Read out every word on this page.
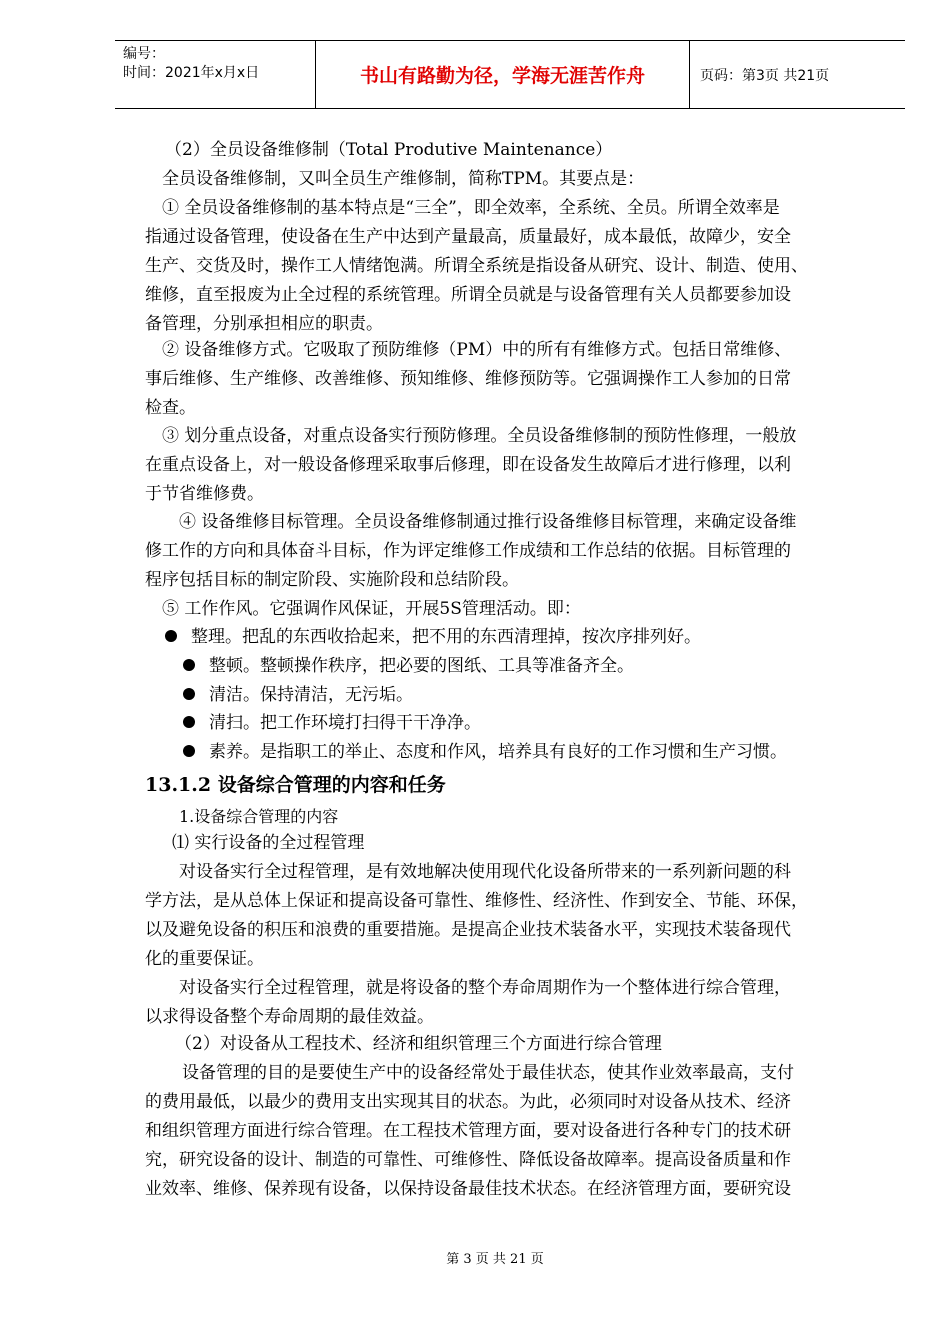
编号：
时间：2021年x月x日	书山有路勤为径，学海无涯苦作舟	页码：第3页 共21页
（2）全员设备维修制（Total Produtive Maintenance）
全员设备维修制，又叫全员生产维修制，简称TPM。其要点是：
① 全员设备维修制的基本特点是“三全”，即全效率，全系统、全员。所谓全效率是
指通过设备管理，使设备在生产中达到产量最高，质量最好，成本最低，故障少，安全
生产、交货及时，操作工人情绪饱满。所谓全系统是指设备从研究、设计、制造、使用、
维修，直至报废为止全过程的系统管理。所谓全员就是与设备管理有关人员都要参加设
备管理，分别承担相应的职责。
② 设备维修方式。它吸取了预防维修（PM）中的所有有维修方式。包括日常维修、
事后维修、生产维修、改善维修、预知维修、维修预防等。它强调操作工人参加的日常
检查。
③ 划分重点设备，对重点设备实行预防修理。全员设备维修制的预防性修理，一般放
在重点设备上，对一般设备修理采取事后修理，即在设备发生故障后才进行修理，以利
于节省维修费。
④ 设备维修目标管理。全员设备维修制通过推行设备维修目标管理，来确定设备维
修工作的方向和具体奋斗目标，作为评定维修工作成绩和工作总结的依据。目标管理的
程序包括目标的制定阶段、实施阶段和总结阶段。
⑤ 工作作风。它强调作风保证，开展5S管理活动。即：
整理。把乱的东西收拾起来，把不用的东西清理掉，按次序排列好。
整顿。整顿操作秩序，把必要的图纸、工具等准备齐全。
清洁。保持清洁，无污垢。
清扫。把工作环境打扫得干干净净。
素养。是指职工的举止、态度和作风，培养具有良好的工作习惯和生产习惯。
13.1.2 设备综合管理的内容和任务
1.设备综合管理的内容
⑴ 实行设备的全过程管理
对设备实行全过程管理，是有效地解决使用现代化设备所带来的一系列新问题的科
学方法，是从总体上保证和提高设备可靠性、维修性、经济性、作到安全、节能、环保，
以及避免设备的积压和浪费的重要措施。是提高企业技术装备水平，实现技术装备现代
化的重要保证。
对设备实行全过程管理，就是将设备的整个寿命周期作为一个整体进行综合管理，
以求得设备整个寿命周期的最佳效益。
（2）对设备从工程技术、经济和组织管理三个方面进行综合管理
设备管理的目的是要使生产中的设备经常处于最佳状态，使其作业效率最高，支付
的费用最低，以最少的费用支出实现其目的状态。为此，必须同时对设备从技术、经济
和组织管理方面进行综合管理。在工程技术管理方面，要对设备进行各种专门的技术研
究，研究设备的设计、制造的可靠性、可维修性、降低设备故障率。提高设备质量和作
业效率、维修、保养现有设备，以保持设备最佳技术状态。在经济管理方面，要研究设
第 3 页 共 21 页
